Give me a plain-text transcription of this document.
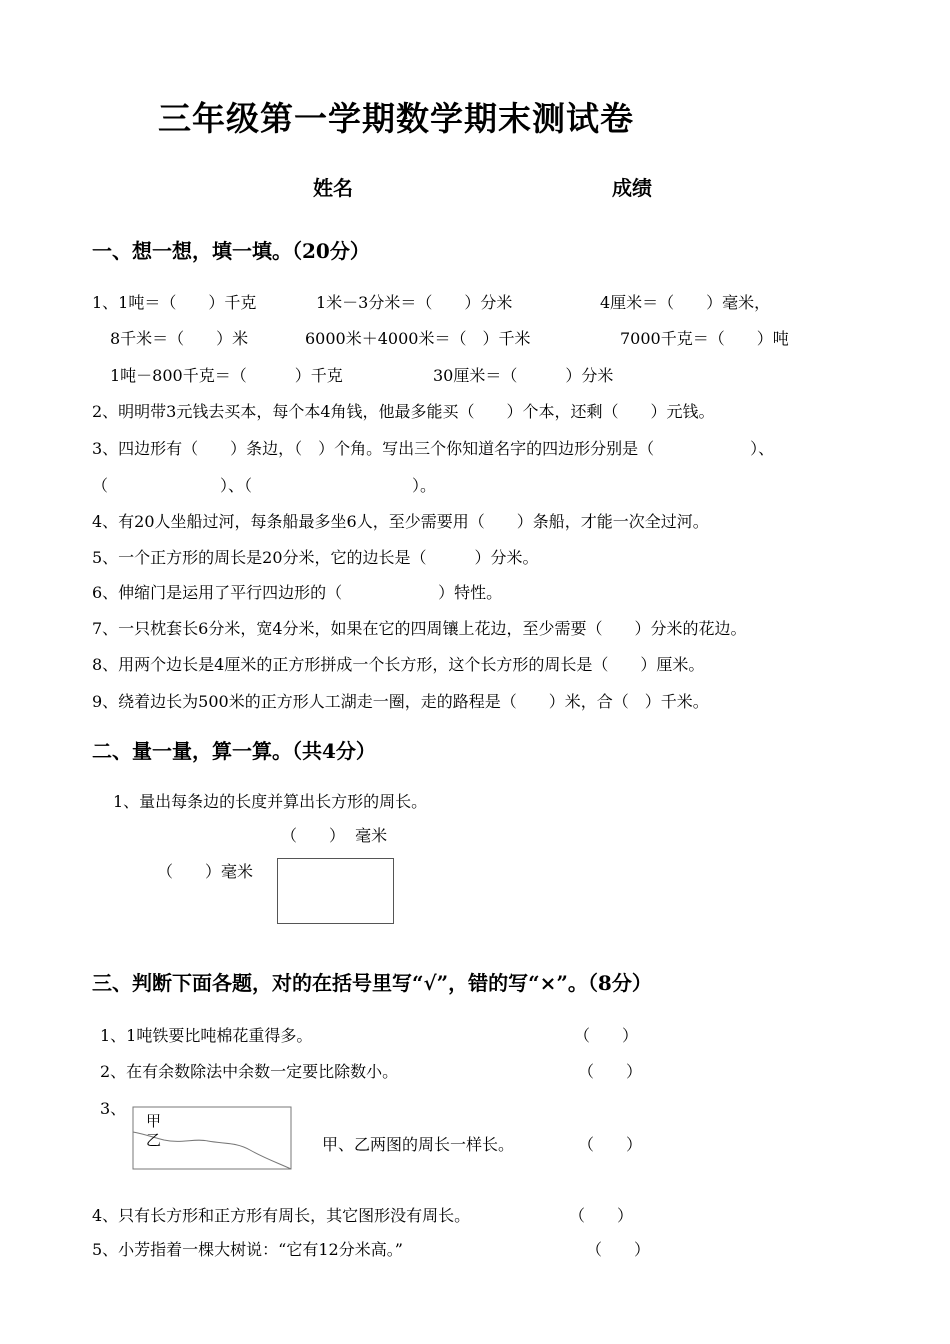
三年级第一学期数学期末测试卷
姓名	成绩
一、想一想，填一填。（20分）
1、1吨＝（　　）千克	1米－3分米＝（　　）分米	4厘米＝（　　）毫米，
8千米＝（　　）米	6000米＋4000米＝（　）千米	7000千克＝（　　）吨
1吨－800千克＝（　　　）千克	30厘米＝（　　　）分米
2、明明带3元钱去买本，每个本4角钱，他最多能买（　　）个本，还剩（　　）元钱。
3、四边形有（　　）条边，（　）个角。写出三个你知道名字的四边形分别是（　　　　　　）、
（　　　　　　　）、（　　　　　　　　　　）。
4、有20人坐船过河，每条船最多坐6人，至少需要用（　　）条船，才能一次全过河。
5、一个正方形的周长是20分米，它的边长是（　　　）分米。
6、伸缩门是运用了平行四边形的（　　　　　　）特性。
7、一只枕套长6分米，宽4分米，如果在它的四周镶上花边，至少需要（　　）分米的花边。
8、用两个边长是4厘米的正方形拼成一个长方形，这个长方形的周长是（　　）厘米。
9、绕着边长为500米的正方形人工湖走一圈，走的路程是（　　）米，合（　）千米。
二、量一量，算一算。（共4分）
1、量出每条边的长度并算出长方形的周长。
（　　）  毫米
（　　）毫米
三、判断下面各题，对的在括号里写“√”，错的写“×”。（8分）
1、1吨铁要比吨棉花重得多。	（　　）
2、在有余数除法中余数一定要比除数小。	（　　）
3、
甲
乙	甲、乙两图的周长一样长。	（　　）
4、只有长方形和正方形有周长，其它图形没有周长。	（　　）
5、小芳指着一棵大树说：“它有12分米高。”	（　　）
